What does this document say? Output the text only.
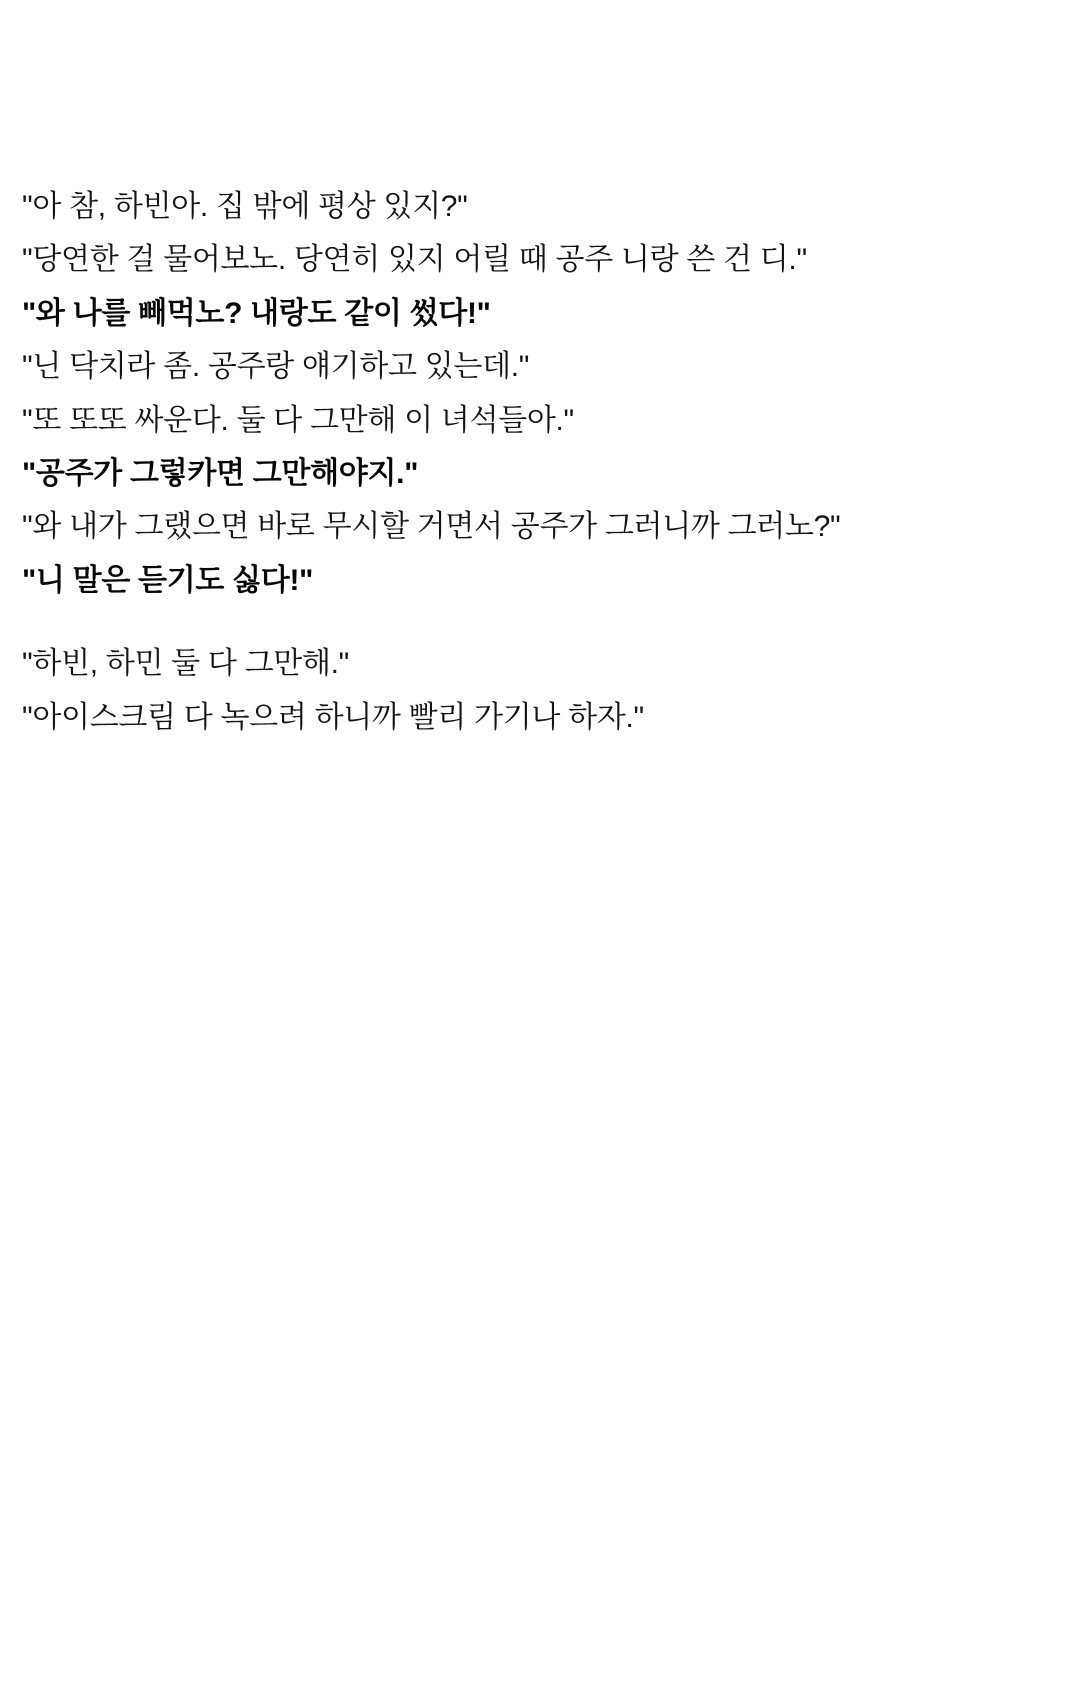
"아 참, 하빈아. 집 밖에 평상 있지?"

"당연한 걸 물어보노. 당연히 있지 어릴 때 공주 니랑 쓴 건 디."

"와 나를 빼먹노? 내랑도 같이 썼다!"

"닌 닥치라 좀. 공주랑 얘기하고 있는데."

"또 또또 싸운다. 둘 다 그만해 이 녀석들아."

"공주가 그렇카면 그만해야지."

"와 내가 그랬으면 바로 무시할 거면서 공주가 그러니까 그러노?"

"니 말은 듣기도 싫다!"

"하빈, 하민 둘 다 그만해."

"아이스크림 다 녹으려 하니까 빨리 가기나 하자."
